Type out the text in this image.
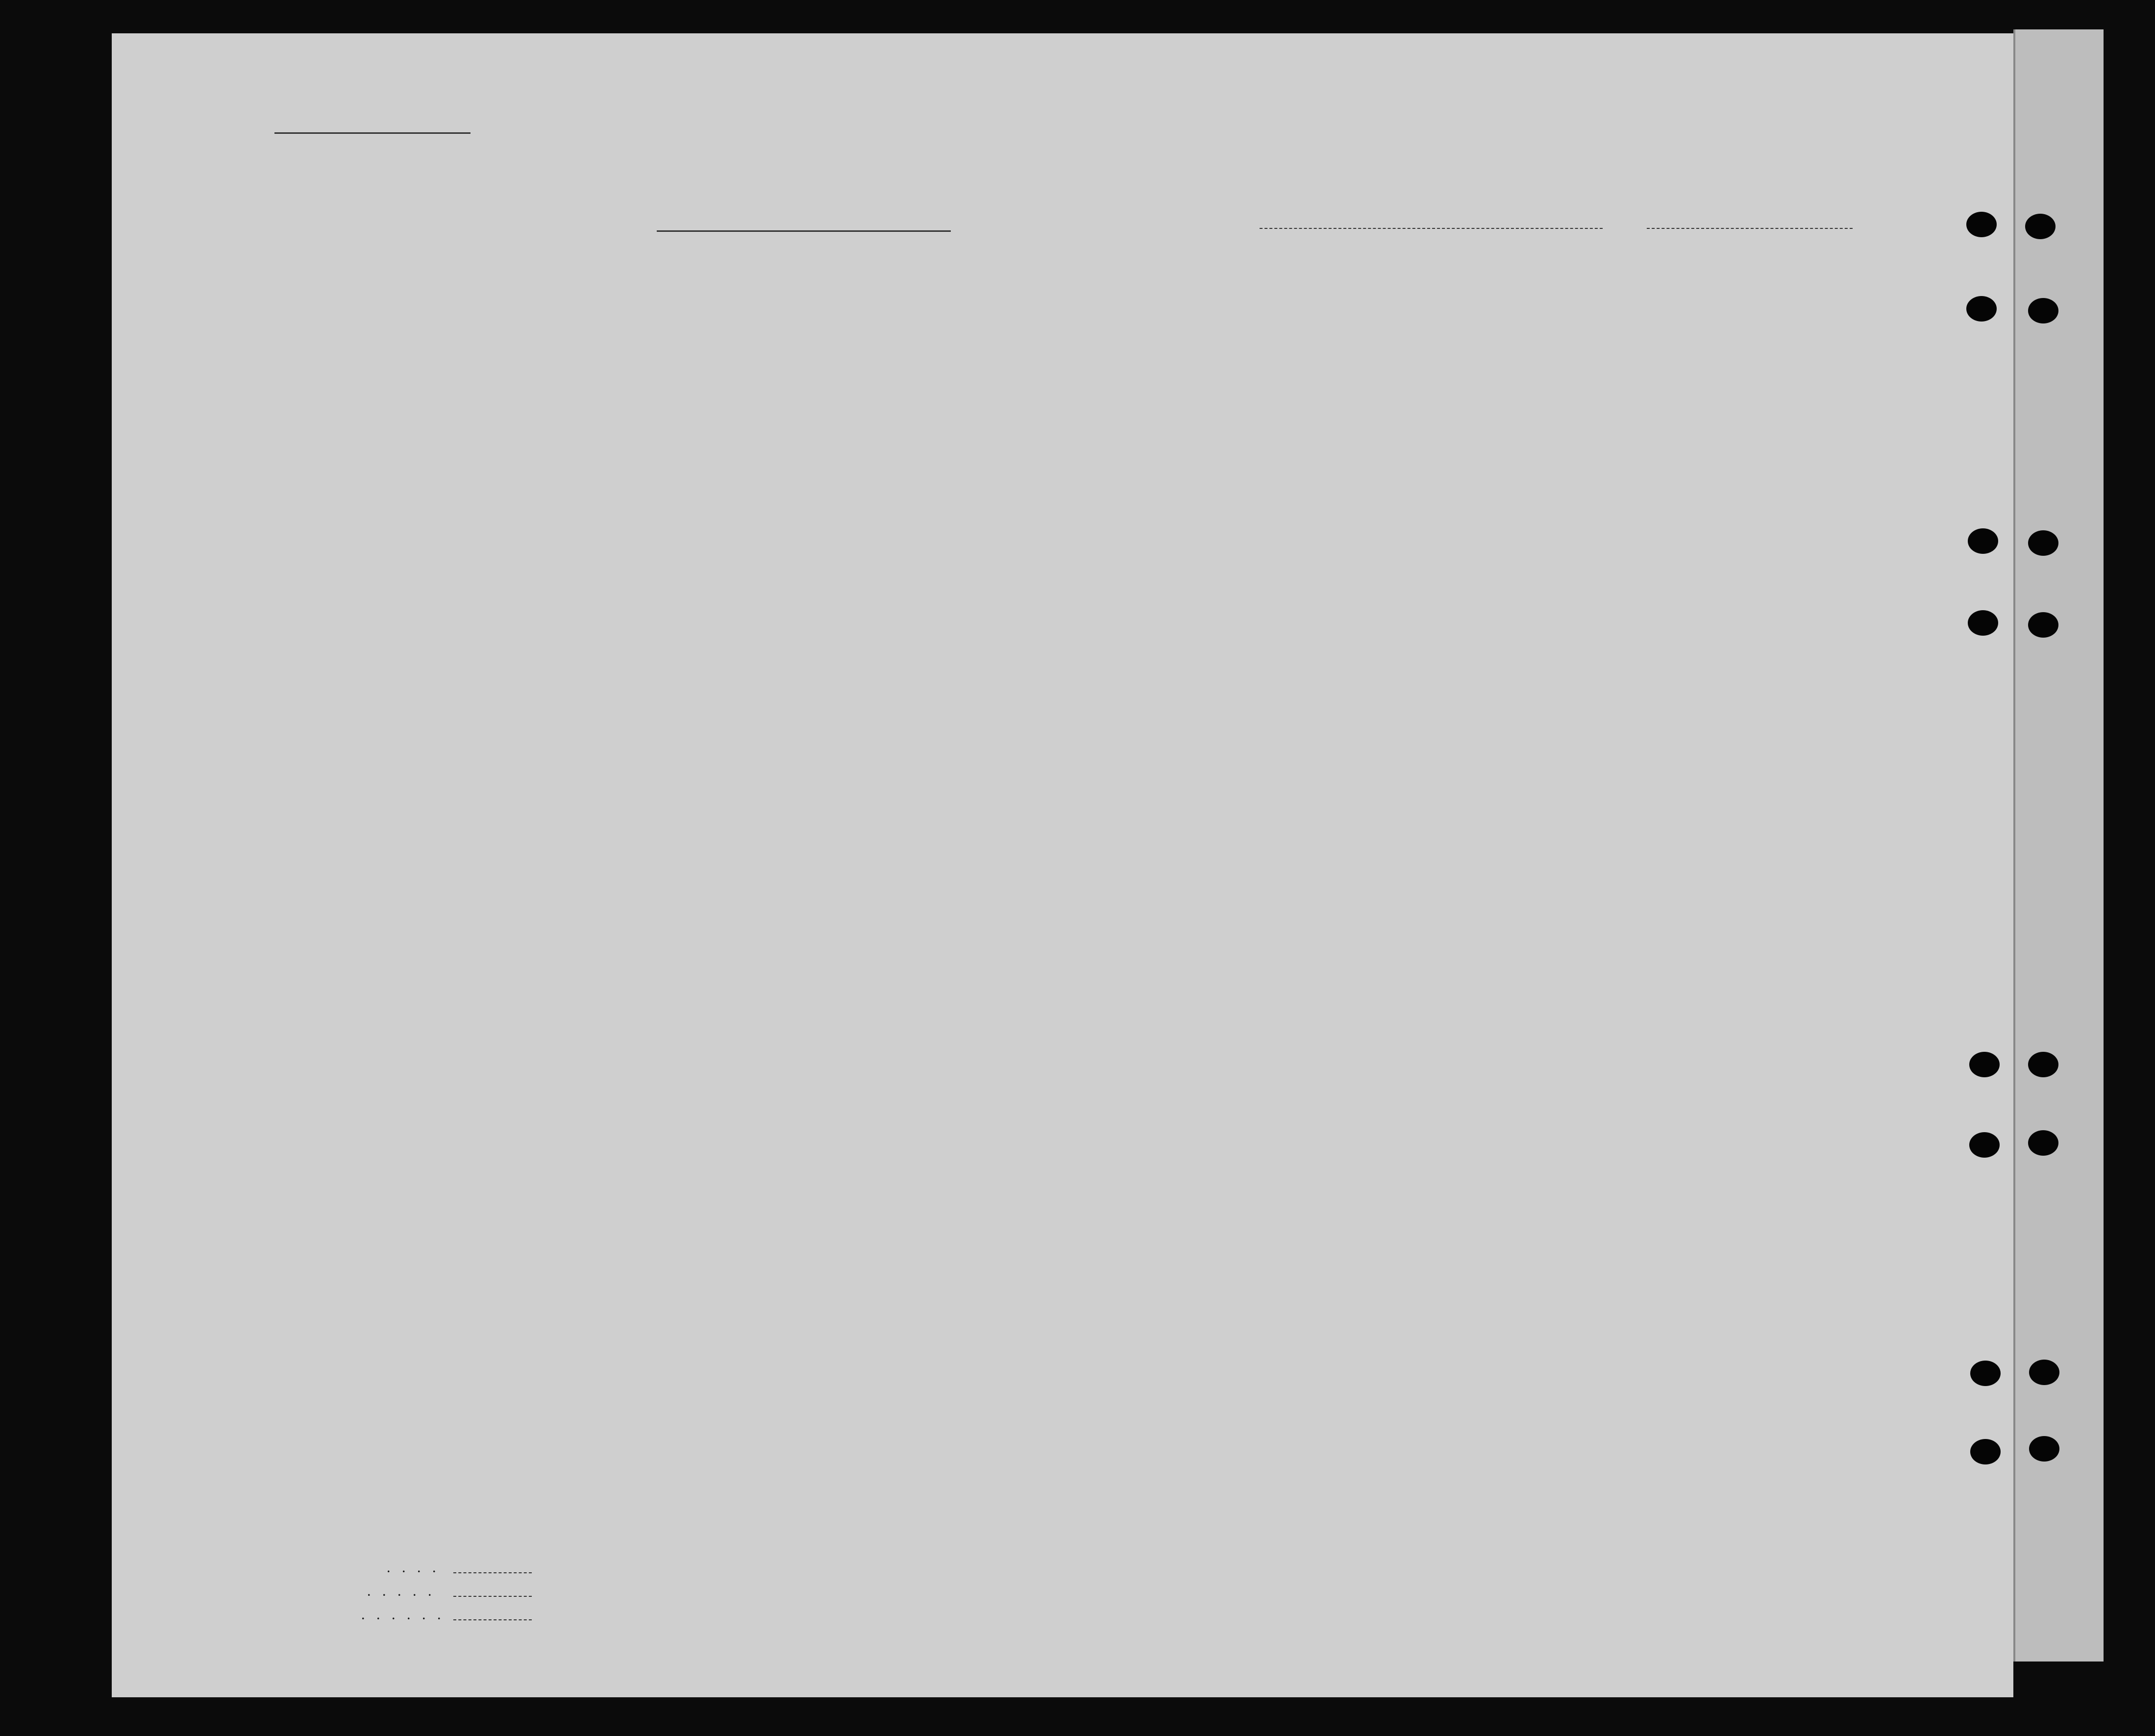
. . . .
. . . . .
. . . . . .
